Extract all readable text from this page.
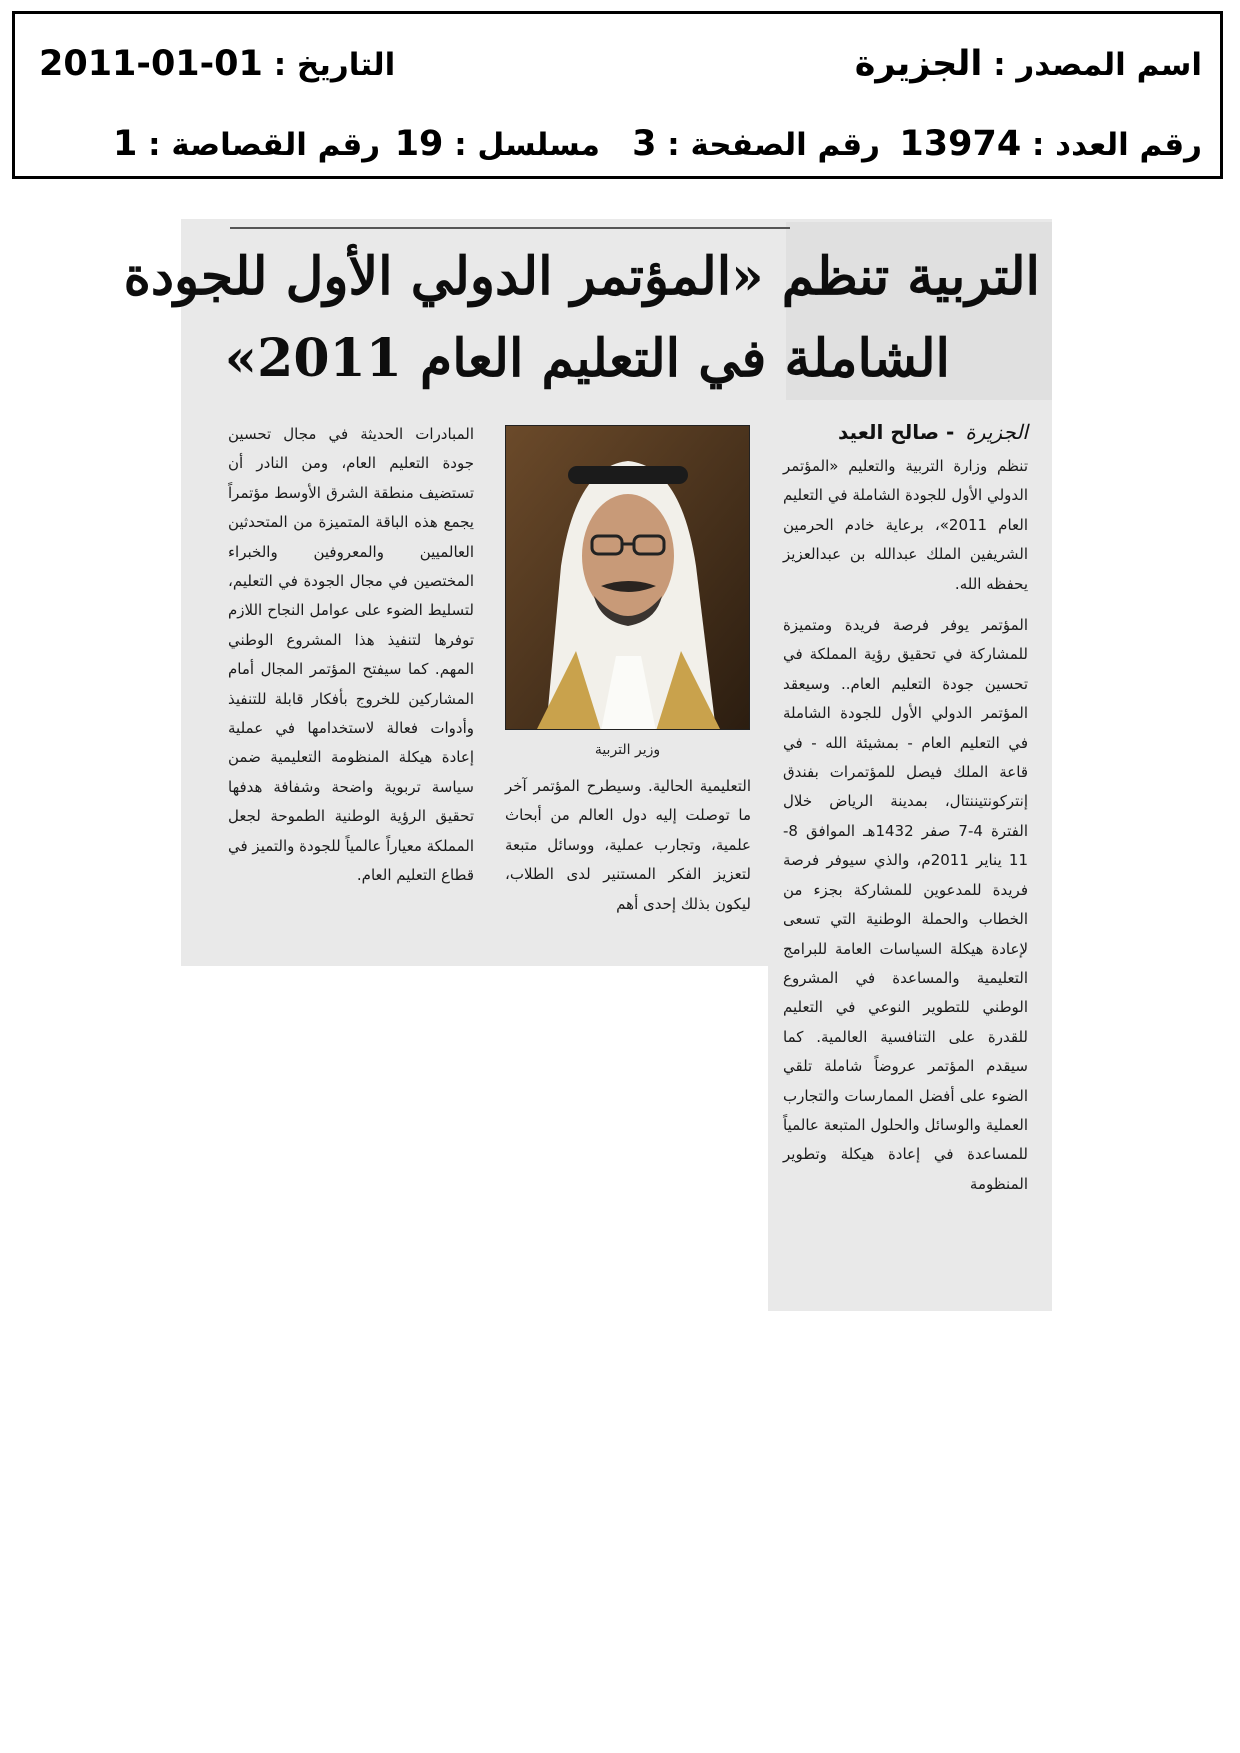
اسم المصدر : الجزيرة
التاريخ : 2011-01-01
رقم العدد : 13974
رقم الصفحة : 3
مسلسل : 19
رقم القصاصة : 1
التربية تنظم «المؤتمر الدولي الأول للجودة
الشاملة في التعليم العام 2011»
الجزيرة - صالح العيد

تنظم وزارة التربية والتعليم «المؤتمر الدولي الأول للجودة الشاملة في التعليم العام 2011»، برعاية خادم الحرمين الشريفين الملك عبدالله بن عبدالعزيز يحفظه الله.

المؤتمر يوفر فرصة فريدة ومتميزة للمشاركة في تحقيق رؤية المملكة في تحسين جودة التعليم العام.. وسيعقد المؤتمر الدولي الأول للجودة الشاملة في التعليم العام - بمشيئة الله - في قاعة الملك فيصل للمؤتمرات بفندق إنتركونتيننتال، بمدينة الرياض خلال الفترة 4-7 صفر 1432هـ الموافق 8-11 يناير 2011م، والذي سيوفر فرصة فريدة للمدعوين للمشاركة بجزء من الخطاب والحملة الوطنية التي تسعى لإعادة هيكلة السياسات العامة للبرامج التعليمية والمساعدة في المشروع الوطني للتطوير النوعي في التعليم للقدرة على التنافسية العالمية. كما سيقدم المؤتمر عروضاً شاملة تلقي الضوء على أفضل الممارسات والتجارب العملية والوسائل والحلول المتبعة عالمياً للمساعدة في إعادة هيكلة وتطوير المنظومة

وزير التربية

التعليمية الحالية. وسيطرح المؤتمر آخر ما توصلت إليه دول العالم من أبحاث علمية، وتجارب عملية، ووسائل متبعة لتعزيز الفكر المستنير لدى الطلاب، ليكون بذلك إحدى أهم

المبادرات الحديثة في مجال تحسين جودة التعليم العام، ومن النادر أن تستضيف منطقة الشرق الأوسط مؤتمراً يجمع هذه الباقة المتميزة من المتحدثين العالميين والمعروفين والخبراء المختصين في مجال الجودة في التعليم، لتسليط الضوء على عوامل النجاح اللازم توفرها لتنفيذ هذا المشروع الوطني المهم. كما سيفتح المؤتمر المجال أمام المشاركين للخروج بأفكار قابلة للتنفيذ وأدوات فعالة لاستخدامها في عملية إعادة هيكلة المنظومة التعليمية ضمن سياسة تربوية واضحة وشفافة هدفها تحقيق الرؤية الوطنية الطموحة لجعل المملكة معياراً عالمياً للجودة والتميز في قطاع التعليم العام.
